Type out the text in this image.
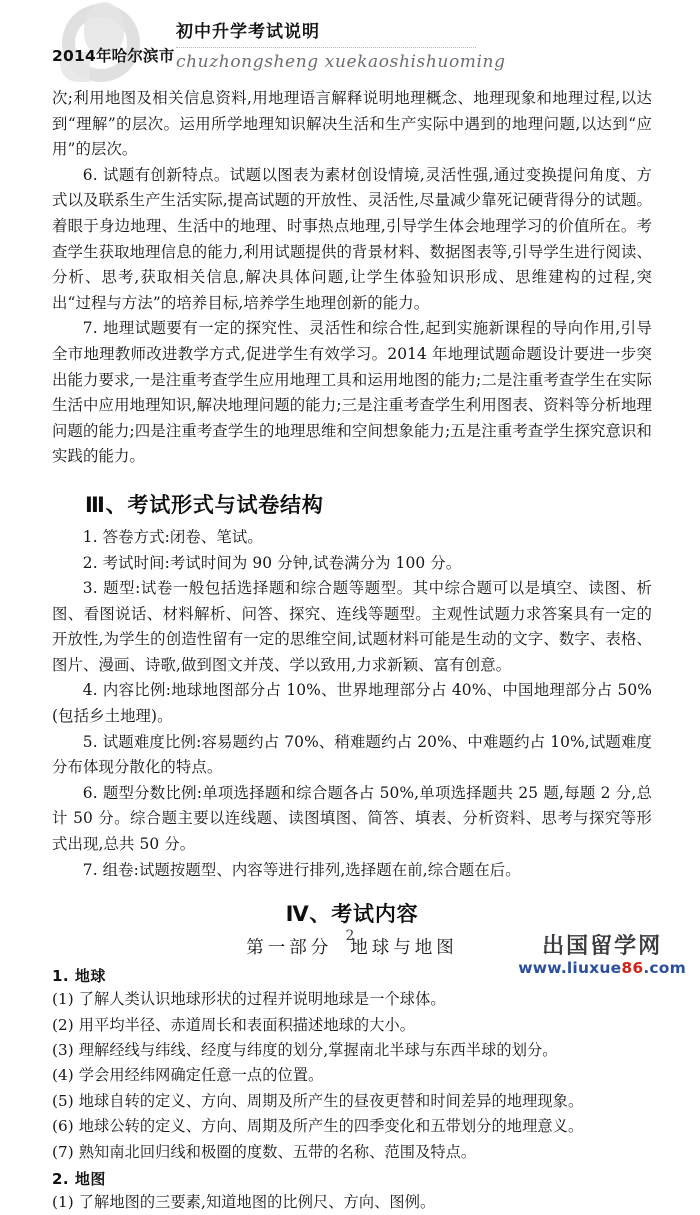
2014年哈尔滨市
初中升学考试说明
chuzhongsheng xuekaoshishuoming

次;利用地图及相关信息资料,用地理语言解释说明地理概念、地理现象和地理过程,以达到“理解”的层次。运用所学地理知识解决生活和生产实际中遇到的地理问题,以达到“应用”的层次。

6. 试题有创新特点。试题以图表为素材创设情境,灵活性强,通过变换提问角度、方式以及联系生产生活实际,提高试题的开放性、灵活性,尽量减少靠死记硬背得分的试题。着眼于身边地理、生活中的地理、时事热点地理,引导学生体会地理学习的价值所在。考查学生获取地理信息的能力,利用试题提供的背景材料、数据图表等,引导学生进行阅读、分析、思考,获取相关信息,解决具体问题,让学生体验知识形成、思维建构的过程,突出“过程与方法”的培养目标,培养学生地理创新的能力。

7. 地理试题要有一定的探究性、灵活性和综合性,起到实施新课程的导向作用,引导全市地理教师改进教学方式,促进学生有效学习。2014 年地理试题命题设计要进一步突出能力要求,一是注重考查学生应用地理工具和运用地图的能力;二是注重考查学生在实际生活中应用地理知识,解决地理问题的能力;三是注重考查学生利用图表、资料等分析地理问题的能力;四是注重考查学生的地理思维和空间想象能力;五是注重考查学生探究意识和实践的能力。

Ⅲ、考试形式与试卷结构

1. 答卷方式:闭卷、笔试。

2. 考试时间:考试时间为 90 分钟,试卷满分为 100 分。

3. 题型:试卷一般包括选择题和综合题等题型。其中综合题可以是填空、读图、析图、看图说话、材料解析、问答、探究、连线等题型。主观性试题力求答案具有一定的开放性,为学生的创造性留有一定的思维空间,试题材料可能是生动的文字、数字、表格、图片、漫画、诗歌,做到图文并茂、学以致用,力求新颖、富有创意。

4. 内容比例:地球地图部分占 10%、世界地理部分占 40%、中国地理部分占 50%(包括乡土地理)。

5. 试题难度比例:容易题约占 70%、稍难题约占 20%、中难题约占 10%,试题难度分布体现分散化的特点。

6. 题型分数比例:单项选择题和综合题各占 50%,单项选择题共 25 题,每题 2 分,总计 50 分。综合题主要以连线题、读图填图、简答、填表、分析资料、思考与探究等形式出现,总共 50 分。

7. 组卷:试题按题型、内容等进行排列,选择题在前,综合题在后。

Ⅳ、考试内容
第一部分 地球与地图
1. 地球

(1) 了解人类认识地球形状的过程并说明地球是一个球体。

(2) 用平均半径、赤道周长和表面积描述地球的大小。

(3) 理解经线与纬线、经度与纬度的划分,掌握南北半球与东西半球的划分。

(4) 学会用经纬网确定任意一点的位置。

(5) 地球自转的定义、方向、周期及所产生的昼夜更替和时间差异的地理现象。

(6) 地球公转的定义、方向、周期及所产生的四季变化和五带划分的地理意义。

(7) 熟知南北回归线和极圈的度数、五带的名称、范围及特点。

2. 地图

(1) 了解地图的三要素,知道地图的比例尺、方向、图例。

2	出国留学网
www.liuxue86.com
